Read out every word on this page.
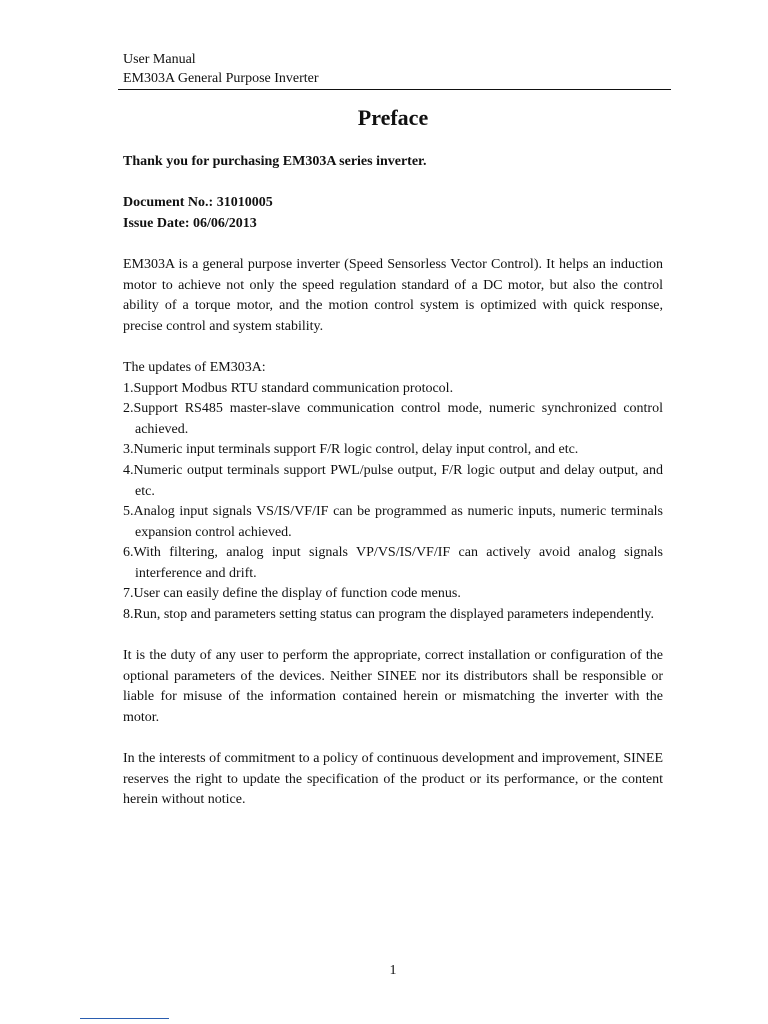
User Manual
EM303A General Purpose Inverter
Preface

Thank you for purchasing EM303A series inverter.

Document No.: 31010005

Issue Date: 06/06/2013

EM303A is a general purpose inverter (Speed Sensorless Vector Control). It helps an induction motor to achieve not only the speed regulation standard of a DC motor, but also the control ability of a torque motor, and the motion control system is optimized with quick response, precise control and system stability.

The updates of EM303A:

1.Support Modbus RTU standard communication protocol.
2.Support RS485 master-slave communication control mode, numeric synchronized control achieved.
3.Numeric input terminals support F/R logic control, delay input control, and etc.
4.Numeric output terminals support PWL/pulse output, F/R logic output and delay output, and etc.
5.Analog input signals VS/IS/VF/IF can be programmed as numeric inputs, numeric terminals expansion control achieved.
6.With filtering, analog input signals VP/VS/IS/VF/IF can actively avoid analog signals interference and drift.
7.User can easily define the display of function code menus.
8.Run, stop and parameters setting status can program the displayed parameters independently.

It is the duty of any user to perform the appropriate, correct installation or configuration of the optional parameters of the devices. Neither SINEE nor its distributors shall be responsible or liable for misuse of the information contained herein or mismatching the inverter with the motor.

In the interests of commitment to a policy of continuous development and improvement, SINEE reserves the right to update the specification of the product or its performance, or the content herein without notice.

1
